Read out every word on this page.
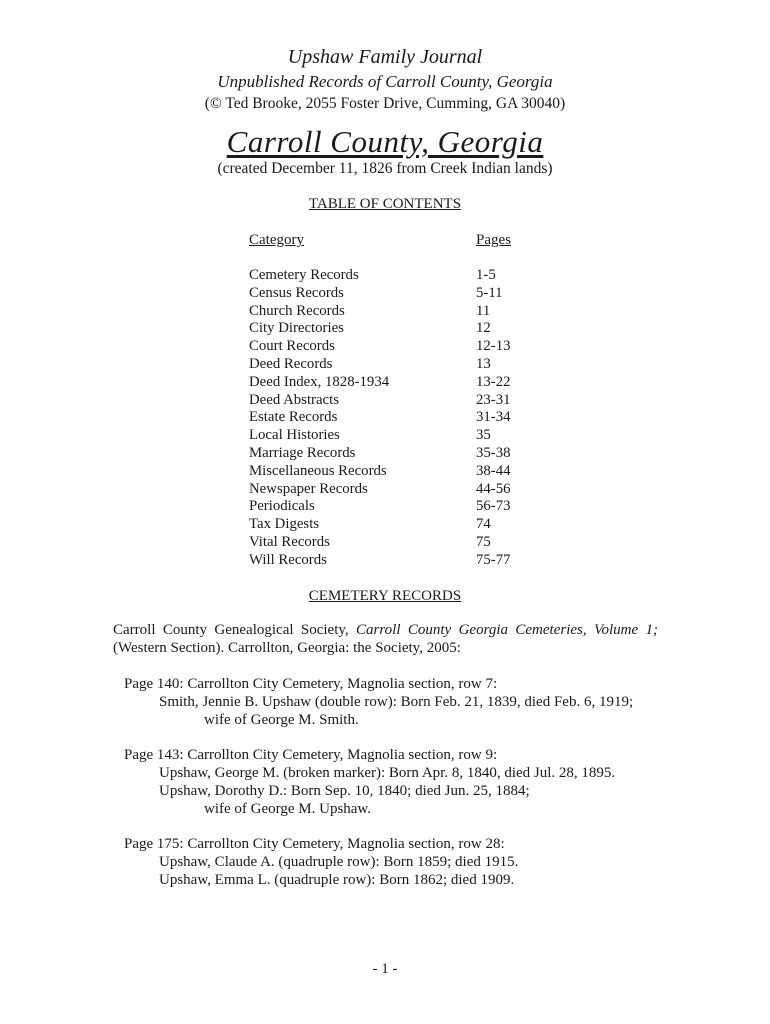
Upshaw Family Journal
Unpublished Records of Carroll County, Georgia
(© Ted Brooke, 2055 Foster Drive, Cumming, GA 30040)
Carroll County, Georgia
(created December 11, 1826 from Creek Indian lands)
TABLE OF CONTENTS
Category	Pages
Cemetery Records	1-5
Census Records	5-11
Church Records	11
City Directories	12
Court Records	12-13
Deed Records	13
Deed Index, 1828-1934	13-22
Deed Abstracts	23-31
Estate Records	31-34
Local Histories	35
Marriage Records	35-38
Miscellaneous Records	38-44
Newspaper Records	44-56
Periodicals	56-73
Tax Digests	74
Vital Records	75
Will Records	75-77
CEMETERY RECORDS
Carroll County Genealogical Society, Carroll County Georgia Cemeteries, Volume 1;
(Western Section). Carrollton, Georgia: the Society, 2005:
Page 140: Carrollton City Cemetery, Magnolia section, row 7:
Smith, Jennie B. Upshaw (double row): Born Feb. 21, 1839, died Feb. 6, 1919;
wife of George M. Smith.
Page 143: Carrollton City Cemetery, Magnolia section, row 9:
Upshaw, George M. (broken marker): Born Apr. 8, 1840, died Jul. 28, 1895.
Upshaw, Dorothy D.: Born Sep. 10, 1840; died Jun. 25, 1884;
wife of George M. Upshaw.
Page 175: Carrollton City Cemetery, Magnolia section, row 28:
Upshaw, Claude A. (quadruple row): Born 1859; died 1915.
Upshaw, Emma L. (quadruple row): Born 1862; died 1909.
- 1 -
